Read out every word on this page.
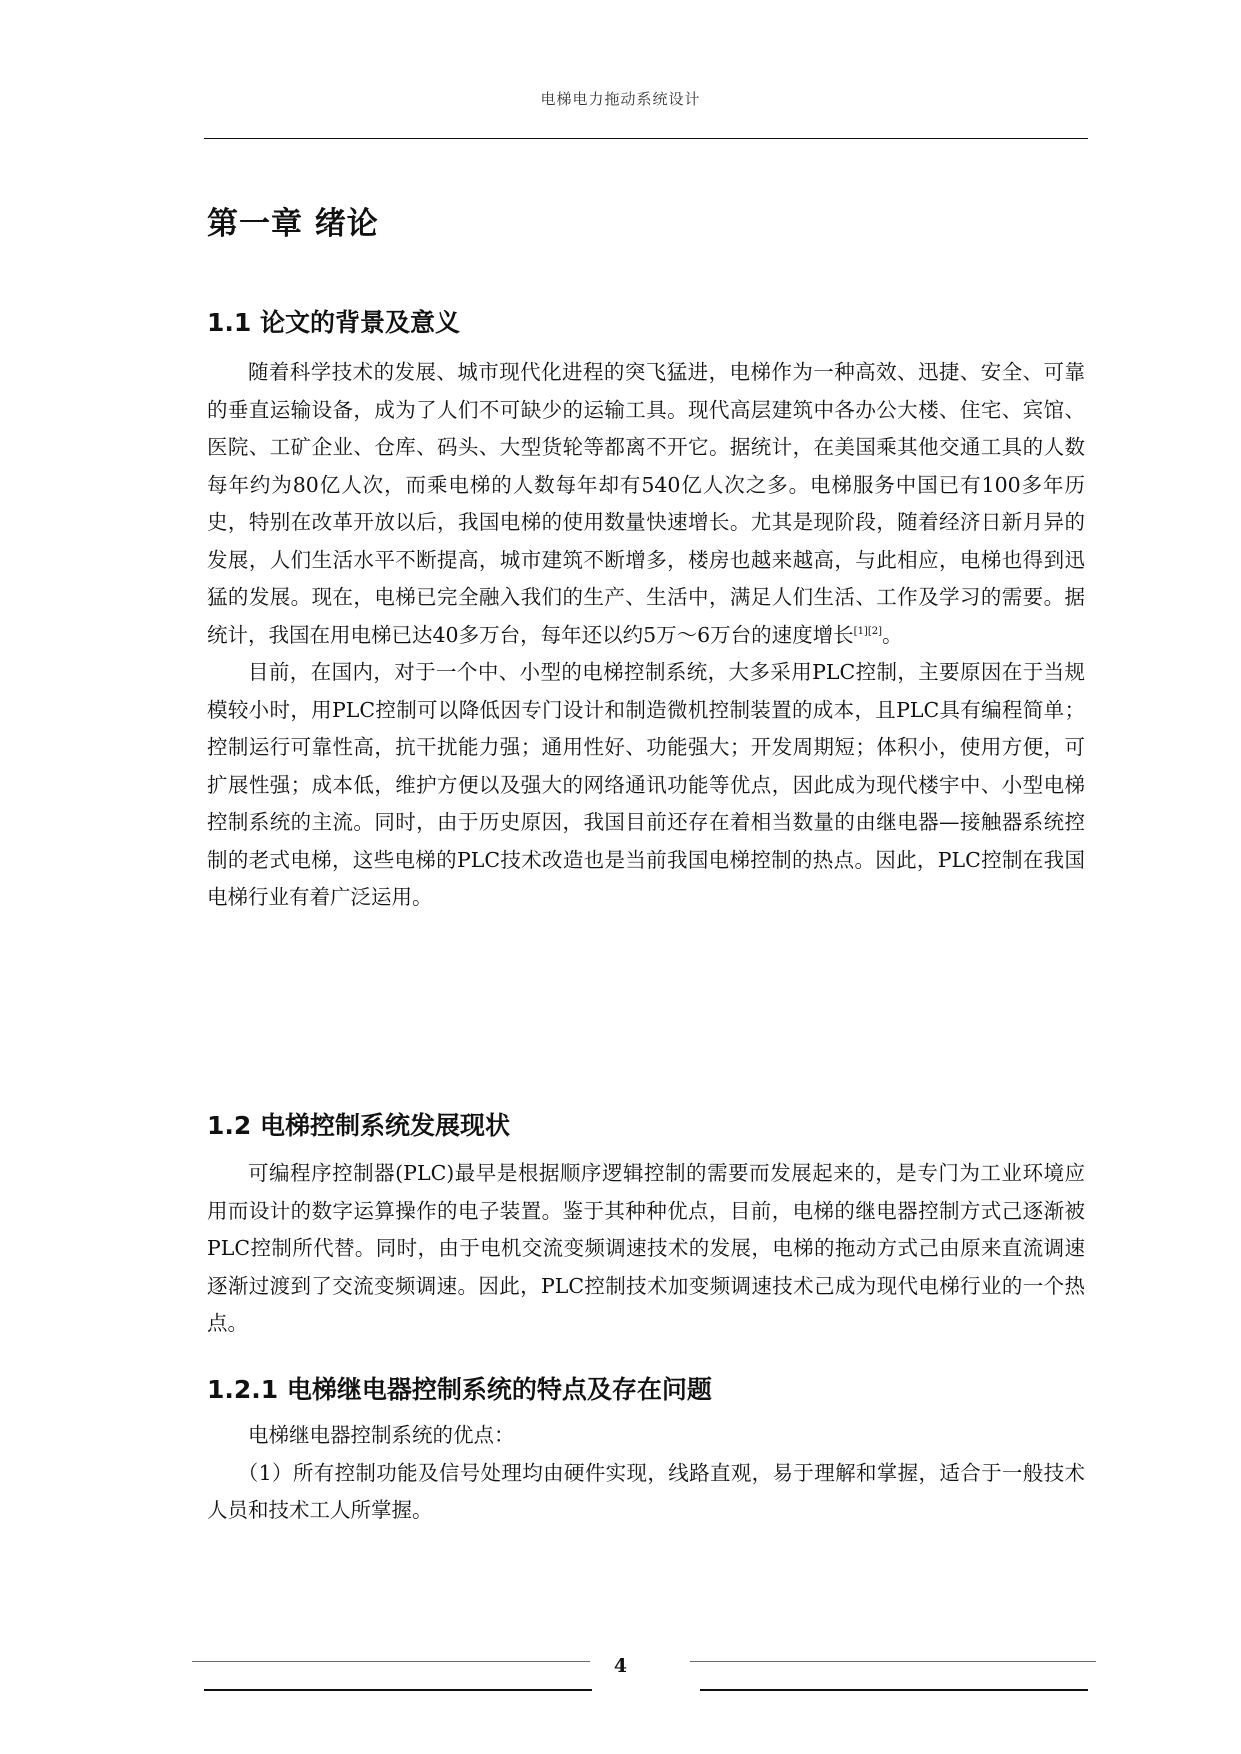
电梯电力拖动系统设计
第一章 绪论
1.1 论文的背景及意义

随着科学技术的发展、城市现代化进程的突飞猛进，电梯作为一种高效、迅捷、安全、可靠的垂直运输设备，成为了人们不可缺少的运输工具。现代高层建筑中各办公大楼、住宅、宾馆、医院、工矿企业、仓库、码头、大型货轮等都离不开它。据统计，在美国乘其他交通工具的人数每年约为80亿人次，而乘电梯的人数每年却有540亿人次之多。电梯服务中国已有100多年历史，特别在改革开放以后，我国电梯的使用数量快速增长。尤其是现阶段，随着经济日新月异的发展，人们生活水平不断提高，城市建筑不断增多，楼房也越来越高，与此相应，电梯也得到迅猛的发展。现在，电梯已完全融入我们的生产、生活中，满足人们生活、工作及学习的需要。据统计，我国在用电梯已达40多万台，每年还以约5万～6万台的速度增长[1][2]。

目前，在国内，对于一个中、小型的电梯控制系统，大多采用PLC控制，主要原因在于当规模较小时，用PLC控制可以降低因专门设计和制造微机控制装置的成本，且PLC具有编程简单；控制运行可靠性高，抗干扰能力强；通用性好、功能强大；开发周期短；体积小，使用方便，可扩展性强；成本低，维护方便以及强大的网络通讯功能等优点，因此成为现代楼宇中、小型电梯控制系统的主流。同时，由于历史原因，我国目前还存在着相当数量的由继电器—接触器系统控制的老式电梯，这些电梯的PLC技术改造也是当前我国电梯控制的热点。因此，PLC控制在我国电梯行业有着广泛运用。

1.2 电梯控制系统发展现状

可编程序控制器(PLC)最早是根据顺序逻辑控制的需要而发展起来的，是专门为工业环境应用而设计的数字运算操作的电子装置。鉴于其种种优点，目前，电梯的继电器控制方式己逐渐被PLC控制所代替。同时，由于电机交流变频调速技术的发展，电梯的拖动方式己由原来直流调速逐渐过渡到了交流变频调速。因此，PLC控制技术加变频调速技术己成为现代电梯行业的一个热点。

1.2.1 电梯继电器控制系统的特点及存在问题

电梯继电器控制系统的优点：

（1）所有控制功能及信号处理均由硬件实现，线路直观，易于理解和掌握，适合于一般技术人员和技术工人所掌握。

4
